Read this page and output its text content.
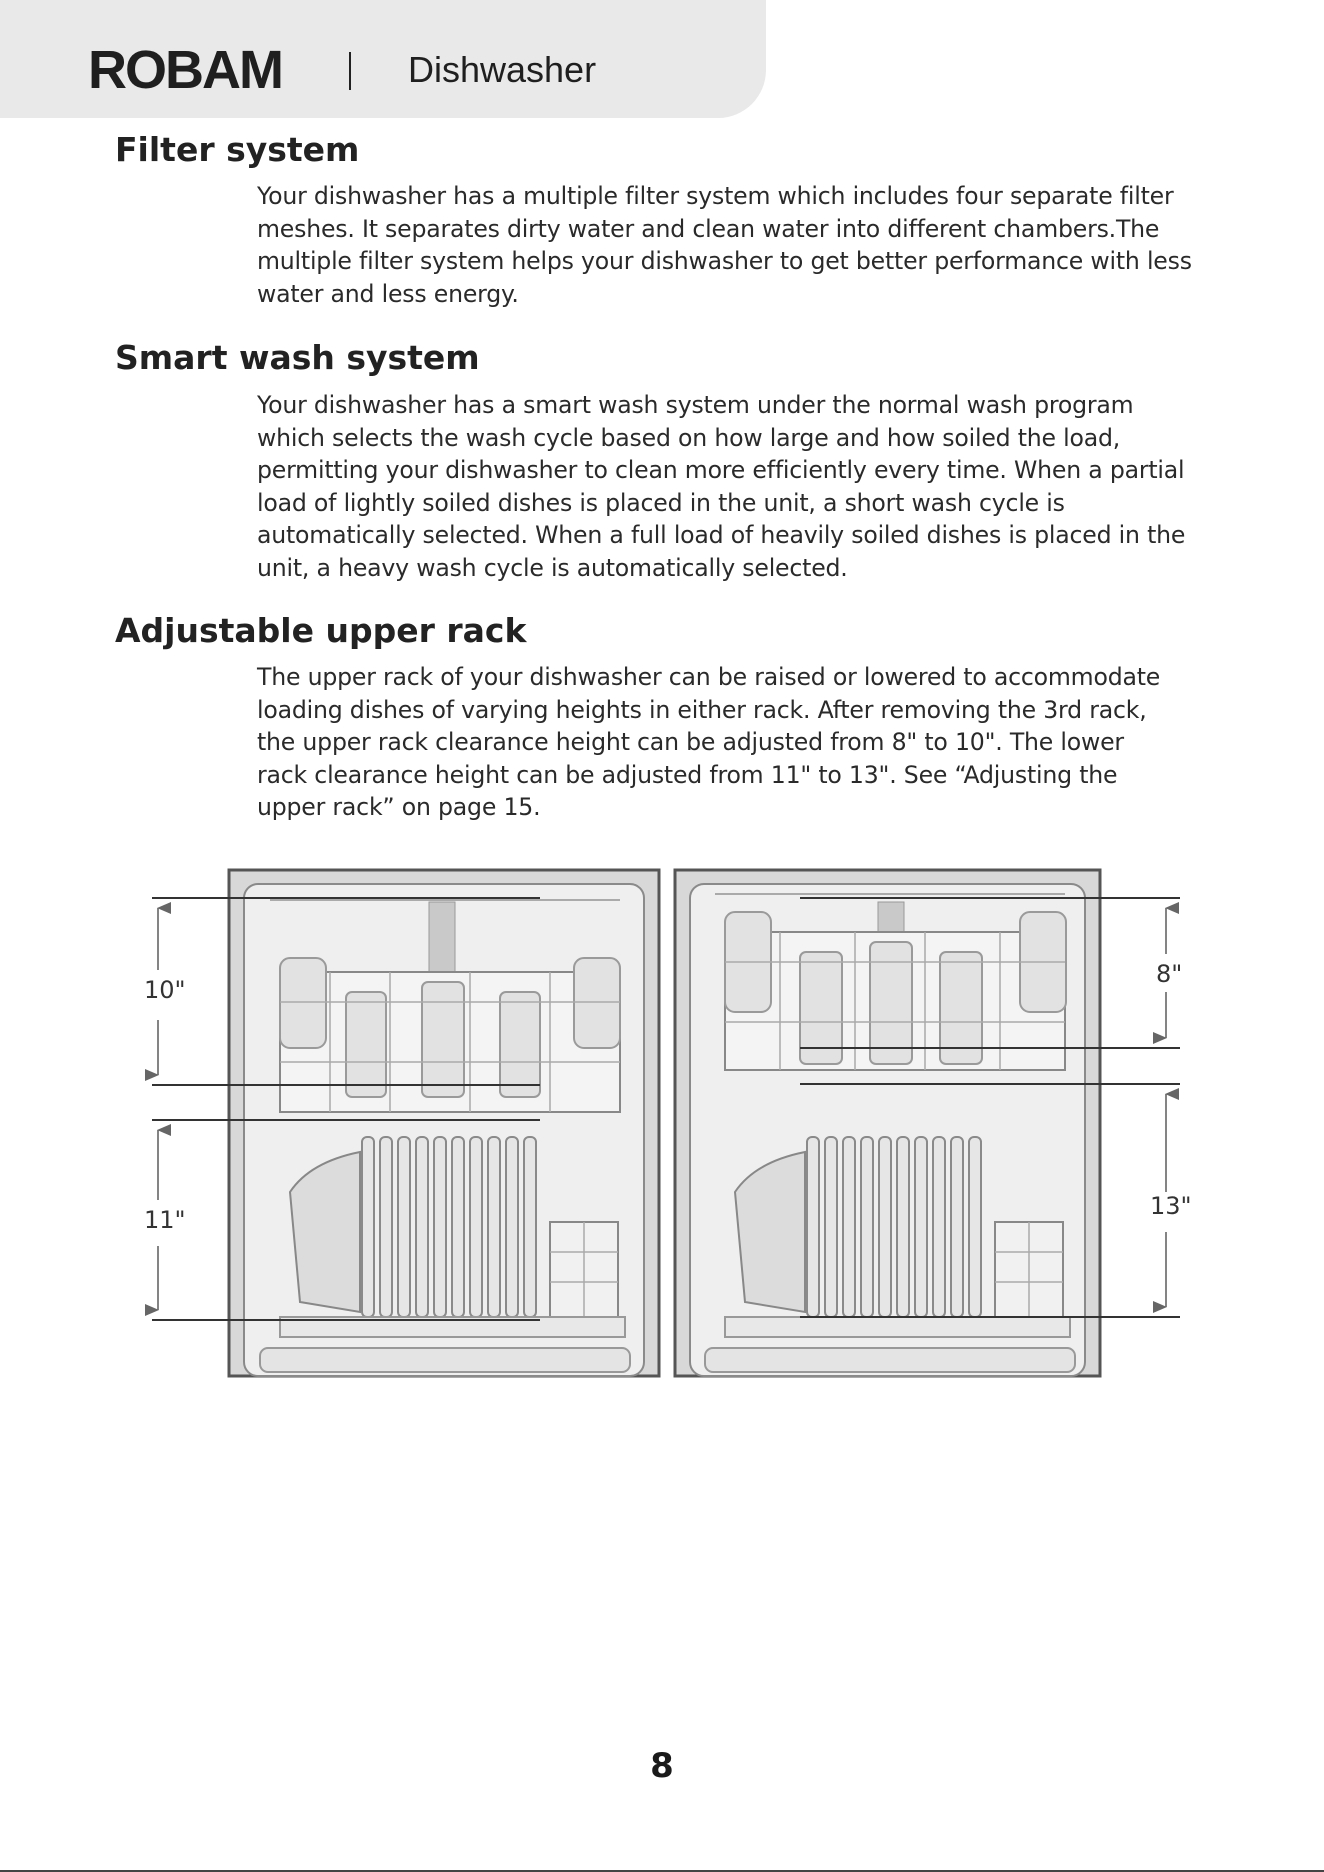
ROBAM	Dishwasher
Filter system
Your dishwasher has a multiple filter system which includes four separate filter
meshes. It separates dirty water and clean water into different chambers.The
multiple filter system helps your dishwasher to get better performance with less
water and less energy.
Smart wash system
Your dishwasher has a smart wash system under the normal wash program
which selects the wash cycle based on how large and how soiled the load,
permitting your dishwasher to clean more efficiently every time. When a partial
load of lightly soiled dishes is placed in the unit, a short wash cycle is
automatically selected. When a full load of heavily soiled dishes is placed in the
unit, a heavy wash cycle is automatically selected.
Adjustable upper rack
The upper rack of your dishwasher can be raised or lowered to accommodate
loading dishes of varying heights in either rack. After removing the 3rd rack,
the upper rack clearance height can be adjusted from 8" to 10". The lower
rack clearance height can be adjusted from 11" to 13". See “Adjusting the
upper rack” on page 15.
10"
11"
8"
13"
8
